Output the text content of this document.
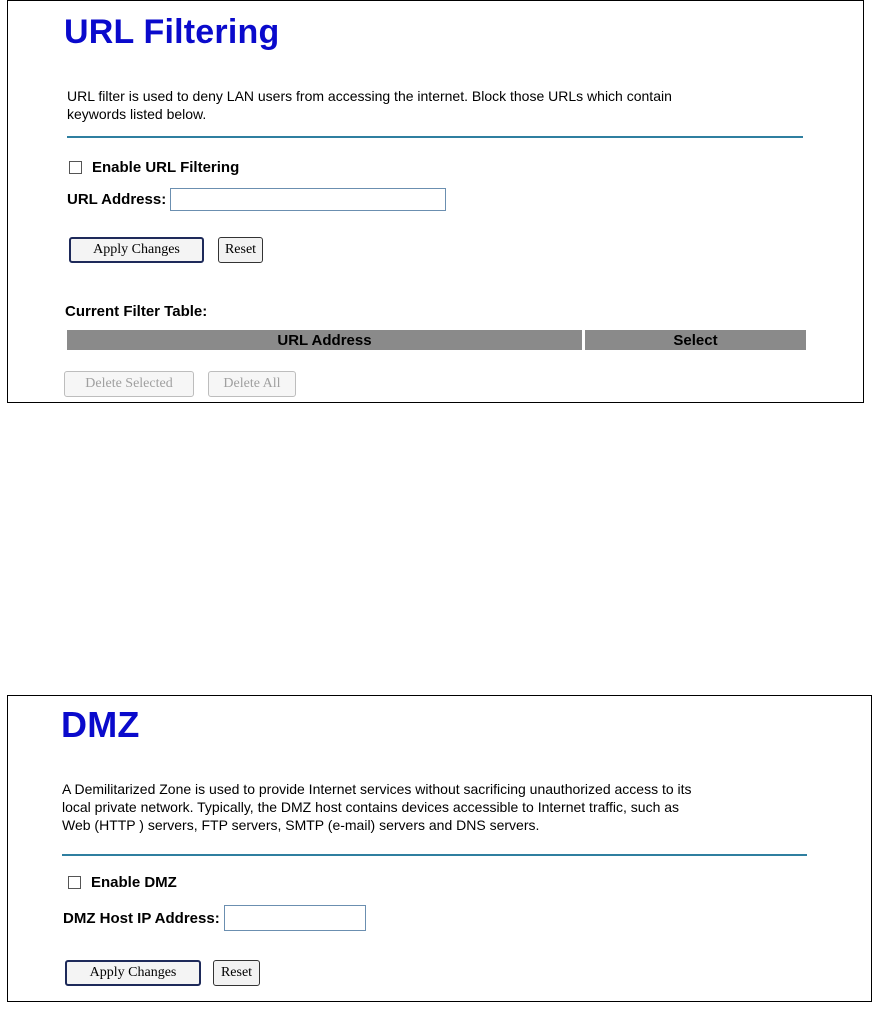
URL Filtering

URL filter is used to deny LAN users from accessing the internet. Block those URLs which contain

keywords listed below.

Enable URL Filtering
URL Address:
Apply Changes	Reset
Current Filter Table:
URL Address	Select
Delete Selected	Delete All
DMZ

A Demilitarized Zone is used to provide Internet services without sacrificing unauthorized access to its

local private network. Typically, the DMZ host contains devices accessible to Internet traffic, such as

Web (HTTP ) servers, FTP servers, SMTP (e-mail) servers and DNS servers.

Enable DMZ
DMZ Host IP Address:
Apply Changes	Reset
